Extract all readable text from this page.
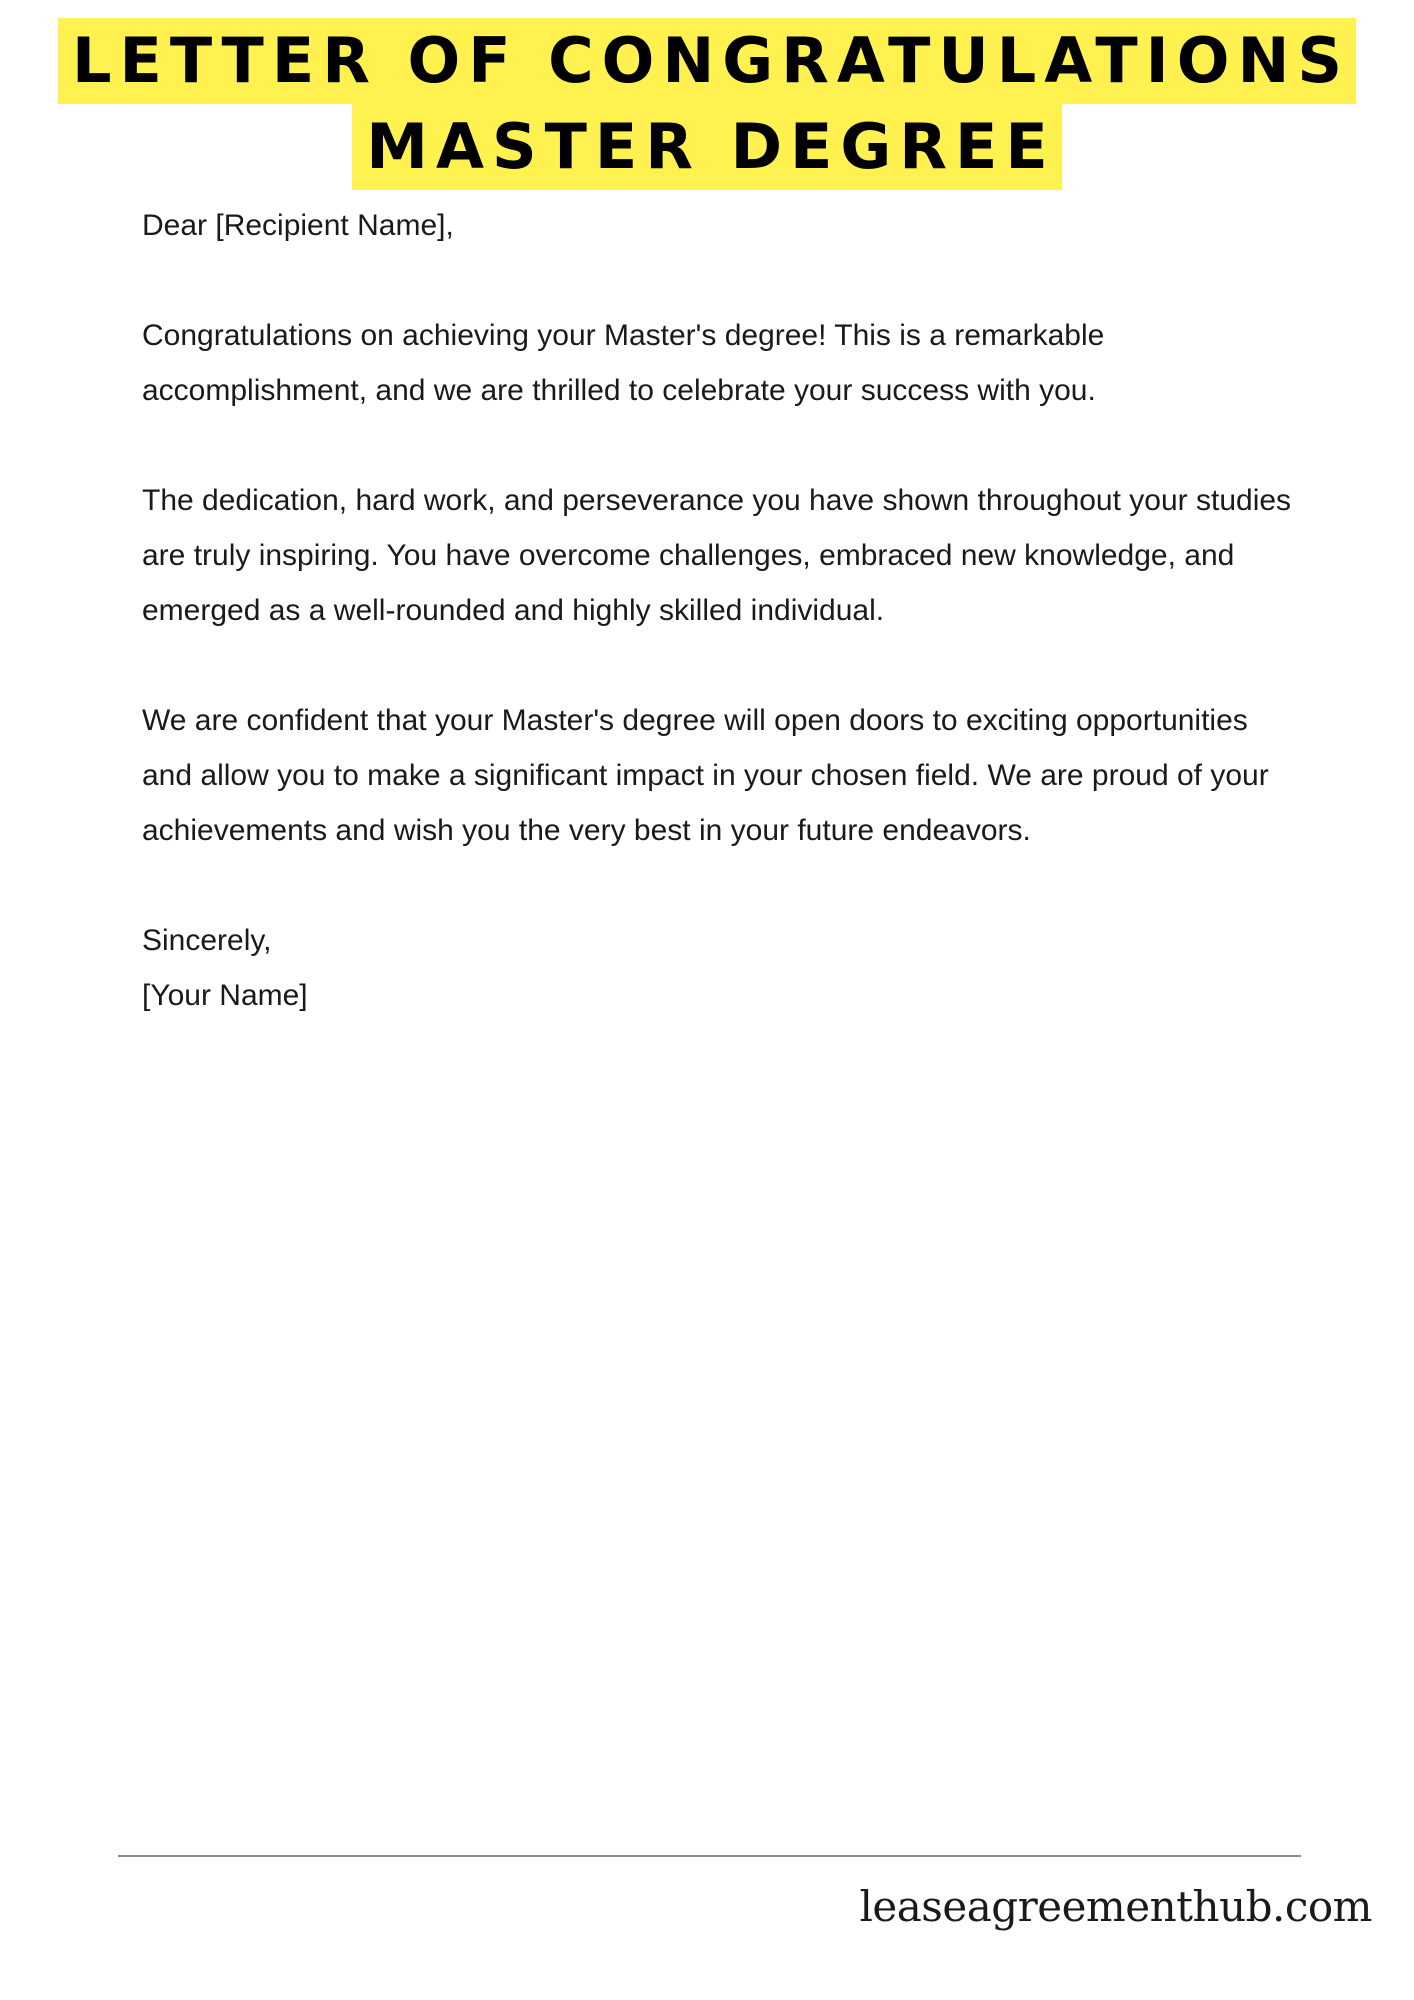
LETTER OF CONGRATULATIONS
MASTER DEGREE

Dear [Recipient Name],

Congratulations on achieving your Master's degree! This is a remarkable accomplishment, and we are thrilled to celebrate your success with you.

The dedication, hard work, and perseverance you have shown throughout your studies are truly inspiring. You have overcome challenges, embraced new knowledge, and emerged as a well-rounded and highly skilled individual.

We are confident that your Master's degree will open doors to exciting opportunities and allow you to make a significant impact in your chosen field. We are proud of your achievements and wish you the very best in your future endeavors.

Sincerely,
[Your Name]
leaseagreementhub.com
